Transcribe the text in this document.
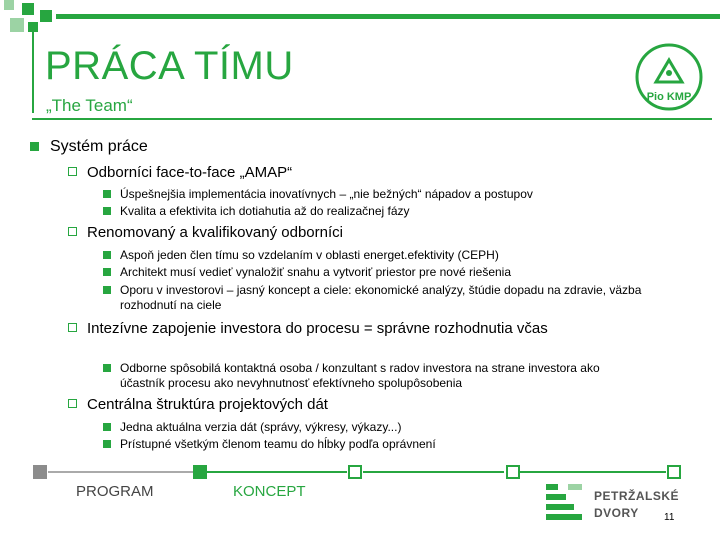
PRÁCA TÍMU
„The Team“	Pio KMP
Systém práce
Odborníci face-to-face „AMAP“
Úspešnejšia implementácia inovatívnych – „nie bežných“ nápadov a postupov
Kvalita a efektivita ich dotiahutia až do realizačnej fázy
Renomovaný a kvalifikovaný odborníci
Aspoň jeden člen tímu so vzdelaním v oblasti energet.efektivity (CEPH)
Architekt musí vedieť vynaložiť snahu a vytvoriť priestor pre nové riešenia
Oporu v investorovi – jasný koncept a ciele: ekonomické analýzy, štúdie dopadu na zdravie, väzba rozhodnutí na ciele
Intezívne zapojenie investora do procesu = správne rozhodnutia včas
Odborne spôsobilá kontaktná osoba / konzultant s radov investora na strane investora ako účastník procesu ako nevyhnutnosť efektívneho spolupôsobenia
Centrálna štruktúra projektových dát
Jedna aktuálna verzia dát (správy, výkresy, výkazy...)
Prístupné všetkým členom teamu do hĺbky podľa oprávnení
PROGRAM	KONCEPT	PETRŽALSKÉ
DVORY	11
